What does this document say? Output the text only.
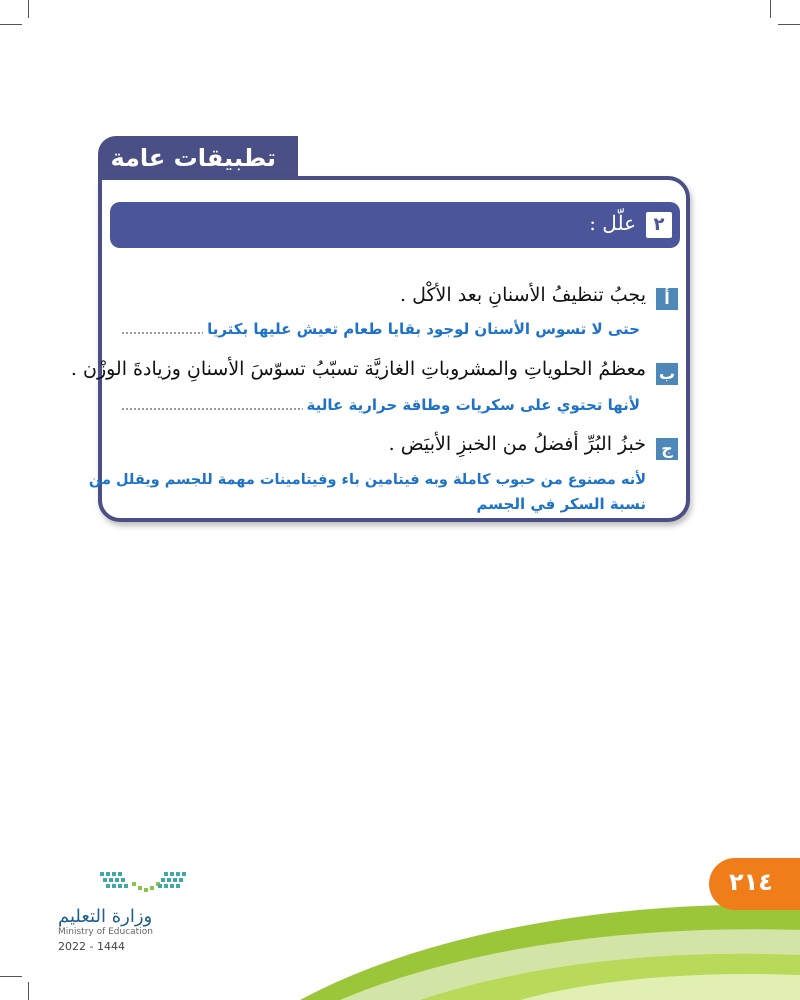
تطبيقات عامة
٢
علّل :
أ
يجبُ تنظيفُ الأسنانِ بعد الأكْل .
حتى لا تسوس الأسنان لوجود بقايا طعام تعيش عليها بكتريا
ب
معظمُ الحلوياتِ والمشروباتِ الغازيَّة تسبّبُ تسوّسَ الأسنانِ وزيادةَ الوزْن .
لأنها تحتوي على سكريات وطاقة حرارية عالية
ج
خبزُ البُرِّ أفضلُ من الخبزِ الأبيَض .
لأنه مصنوع من حبوب كاملة وبه فيتامين باء وفيتامينات مهمة للجسم ويقلل من
نسبة السكر في الجسم
٢١٤
وزارة التعليم
Ministry of Education
2022 - 1444
